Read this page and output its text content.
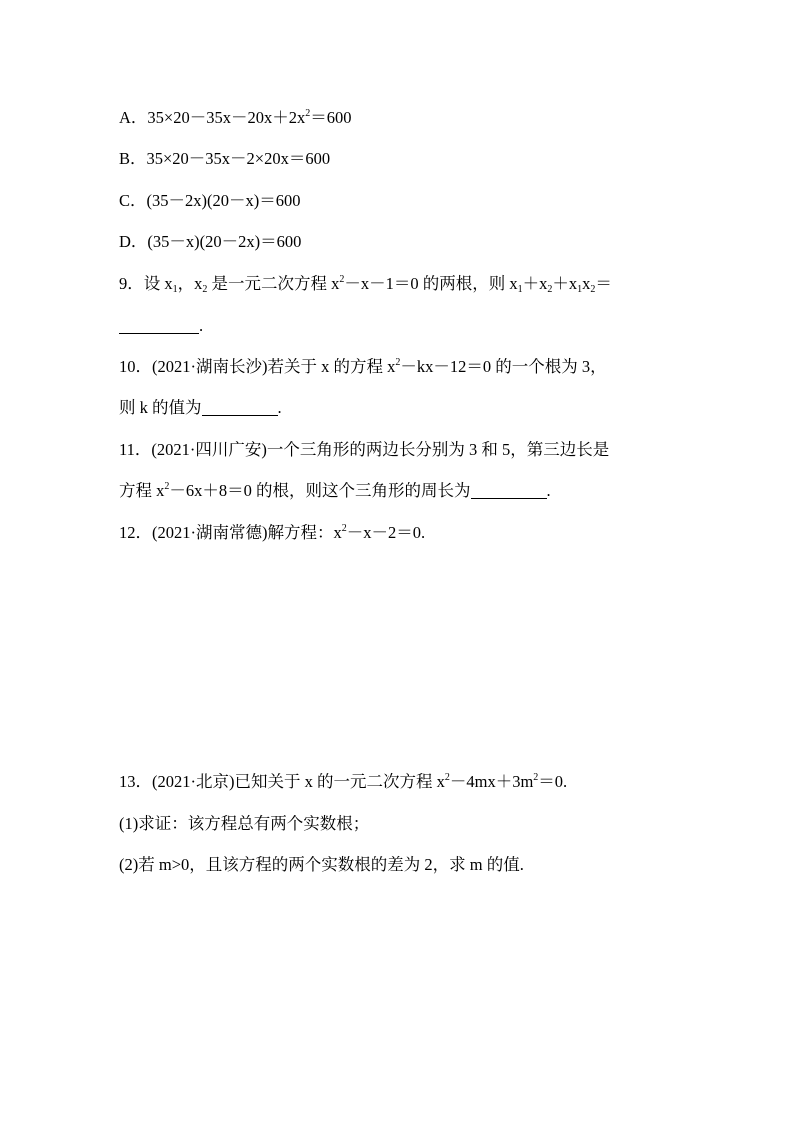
A．$35\times 20-35x-20x+2x^2=600$
B．35×20－35x－2×20x＝600
C．(35－2x)(20－x)＝600
D．(35－x)(20－2x)＝600
9．设 $x_1$，$x_2$ 是一元二次方程 $x^2-x-1=0$ 的两根，则 $x_1+x_2+x_1x_2=$
.
10．(2021·湖南长沙)若关于 x 的方程 $x^2-kx-12=0$ 的一个根为 3，
则 k 的值为	.
11．(2021·四川广安)一个三角形的两边长分别为 3 和 5，第三边长是
方程 $x^2-6x+8=0$ 的根，则这个三角形的周长为	.
12．(2021·湖南常德)解方程：$x^2-x-2=0$.
13．(2021·北京)已知关于 x 的一元二次方程 $x^2-4mx+3m^2=0$.
(1)求证：该方程总有两个实数根；
(2)若 m>0，且该方程的两个实数根的差为 2，求 m 的值.
